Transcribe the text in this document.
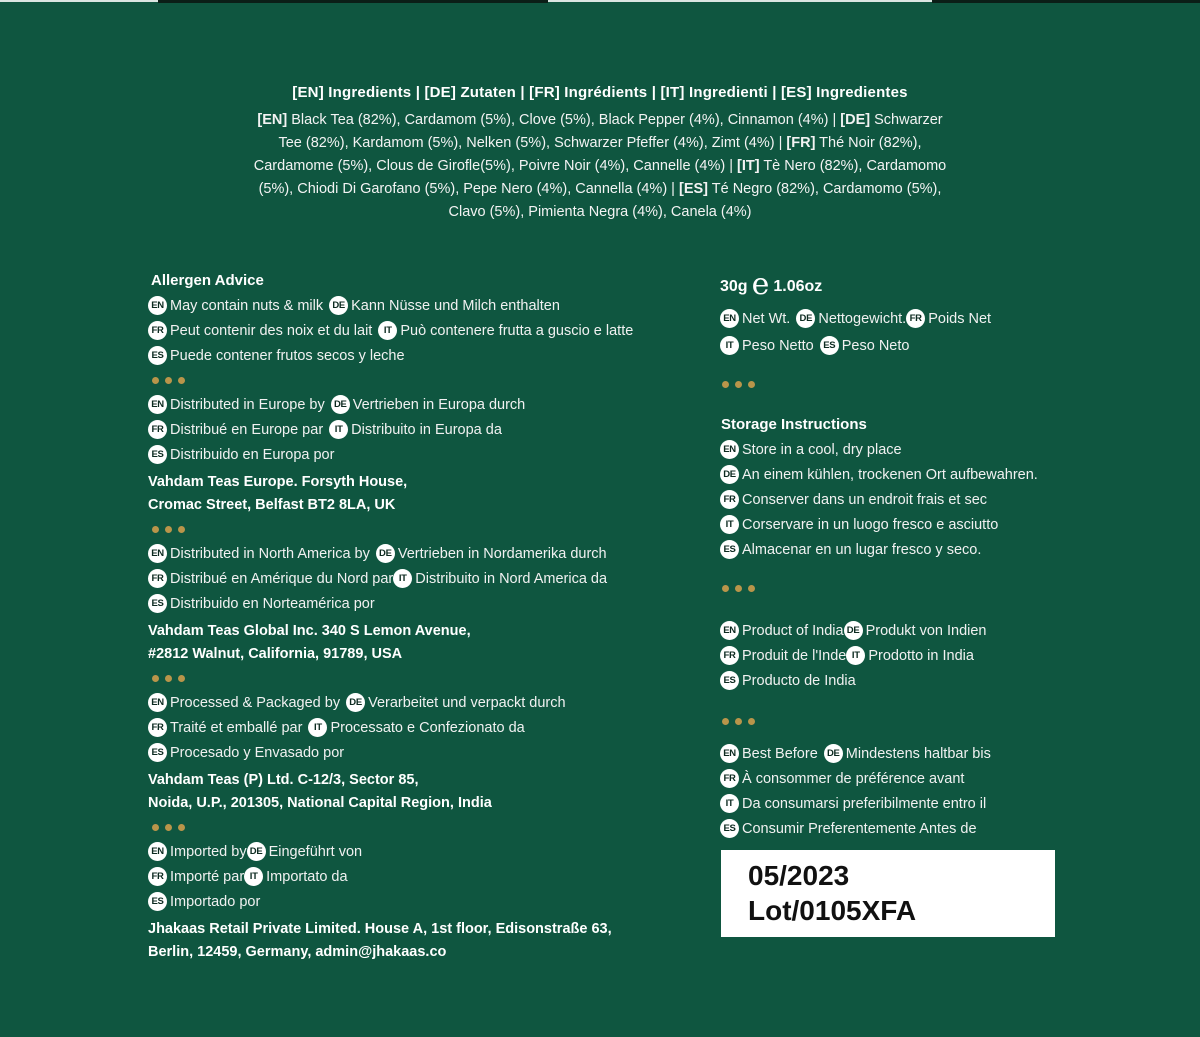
[EN] Ingredients | [DE] Zutaten | [FR] Ingrédients | [IT] Ingredienti | [ES] Ingredientes
[EN] Black Tea (82%), Cardamom (5%), Clove (5%), Black Pepper (4%), Cinnamon (4%) | [DE] Schwarzer Tee (82%), Kardamom (5%), Nelken (5%), Schwarzer Pfeffer (4%), Zimt (4%) | [FR] Thé Noir (82%), Cardamome (5%), Clous de Girofle(5%), Poivre Noir (4%), Cannelle (4%) | [IT] Tè Nero (82%), Cardamomo (5%), Chiodi Di Garofano (5%), Pepe Nero (4%), Cannella (4%) | [ES] Té Negro (82%), Cardamomo (5%), Clavo (5%), Pimienta Negra (4%), Canela (4%)
Allergen Advice
EN May contain nuts & milk DE Kann Nüsse und Milch enthalten
FR Peut contenir des noix et du lait	IT Può contenere frutta a guscio e latte
ES Puede contener frutos secos y leche
EN Distributed in Europe by DE Vertrieben in Europa durch
FR Distribué en Europe par	IT Distribuito in Europa da
ES Distribuido en Europa por
Vahdam Teas Europe. Forsyth House,
Cromac Street, Belfast BT2 8LA, UK
EN Distributed in North America by DE Vertrieben in Nordamerika durch
FR Distribué en Amérique du Nord par IT Distribuito in Nord America da
ES Distribuido en Norteamérica por
Vahdam Teas Global Inc. 340 S Lemon Avenue,
#2812 Walnut, California, 91789, USA
EN Processed & Packaged by DE Verarbeitet und verpackt durch
FR Traité et emballé par	IT Processato e Confezionato da
ES Procesado y Envasado por
Vahdam Teas (P) Ltd. C-12/3, Sector 85,
Noida, U.P., 201305, National Capital Region, India
EN Imported by DE Eingeführt von
FR Importé par IT Importato da
ES Importado por
Jhakaas Retail Private Limited. House A, 1st floor, Edisonstraße 63,
Berlin, 12459, Germany, admin@jhakaas.co
30g e 1.06oz
EN Net Wt. DE Nettogewicht. FR Poids Net
IT Peso Netto ES Peso Neto
Storage Instructions
EN Store in a cool, dry place
DE An einem kühlen, trockenen Ort aufbewahren.
FR Conserver dans un endroit frais et sec
IT Corservare in un luogo fresco e asciutto
ES Almacenar en un lugar fresco y seco.
EN Product of India DE Produkt von Indien
FR Produit de l'Inde IT Prodotto in India
ES Producto de India
EN Best Before DE Mindestens haltbar bis
FR À consommer de préférence avant
IT Da consumarsi preferibilmente entro il
ES Consumir Preferentemente Antes de
05/2023
Lot/0105XFA
